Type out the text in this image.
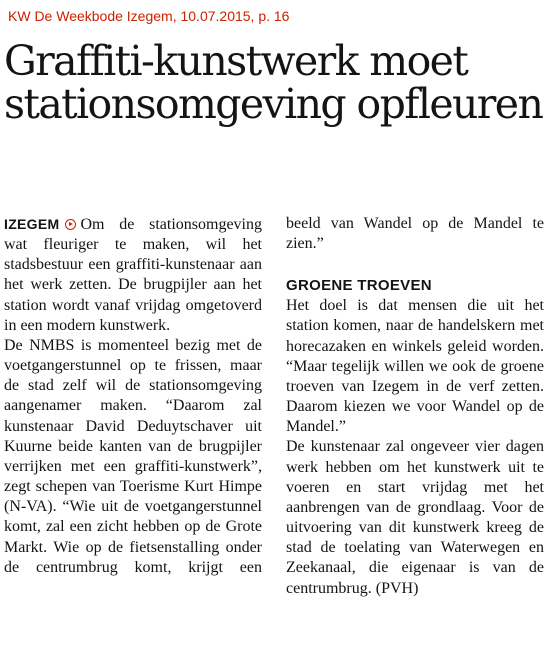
KW De Weekbode Izegem, 10.07.2015, p. 16
Graffiti-kunstwerk moet stationsomgeving opfleuren

IZEGEM Om de stationsomgeving wat fleuriger te maken, wil het stadsbestuur een graffiti-kunstenaar aan het werk zetten. De brugpijler aan het station wordt vanaf vrijdag omgetoverd in een modern kunstwerk.

De NMBS is momenteel bezig met de voetgangerstunnel op te frissen, maar de stad zelf wil de stationsomgeving aangenamer maken. “Daarom zal kunstenaar David Deduytschaver uit Kuurne beide kanten van de brugpijler verrijken met een graffiti-kunstwerk”, zegt schepen van Toerisme Kurt Himpe (N-VA). “Wie uit de voetgangerstunnel komt, zal een zicht hebben op de Grote Markt. Wie op de fietsenstalling onder de centrumbrug komt, krijgt een

beeld van Wandel op de Mandel te zien.”

GROENE TROEVEN

Het doel is dat mensen die uit het station komen, naar de handelskern met horecazaken en winkels geleid worden. “Maar tegelijk willen we ook de groene troeven van Izegem in de verf zetten. Daarom kiezen we voor Wandel op de Mandel.”

De kunstenaar zal ongeveer vier dagen werk hebben om het kunstwerk uit te voeren en start vrijdag met het aanbrengen van de grondlaag. Voor de uitvoering van dit kunstwerk kreeg de stad de toelating van Waterwegen en Zeekanaal, die eigenaar is van de centrumbrug. (PVH)
